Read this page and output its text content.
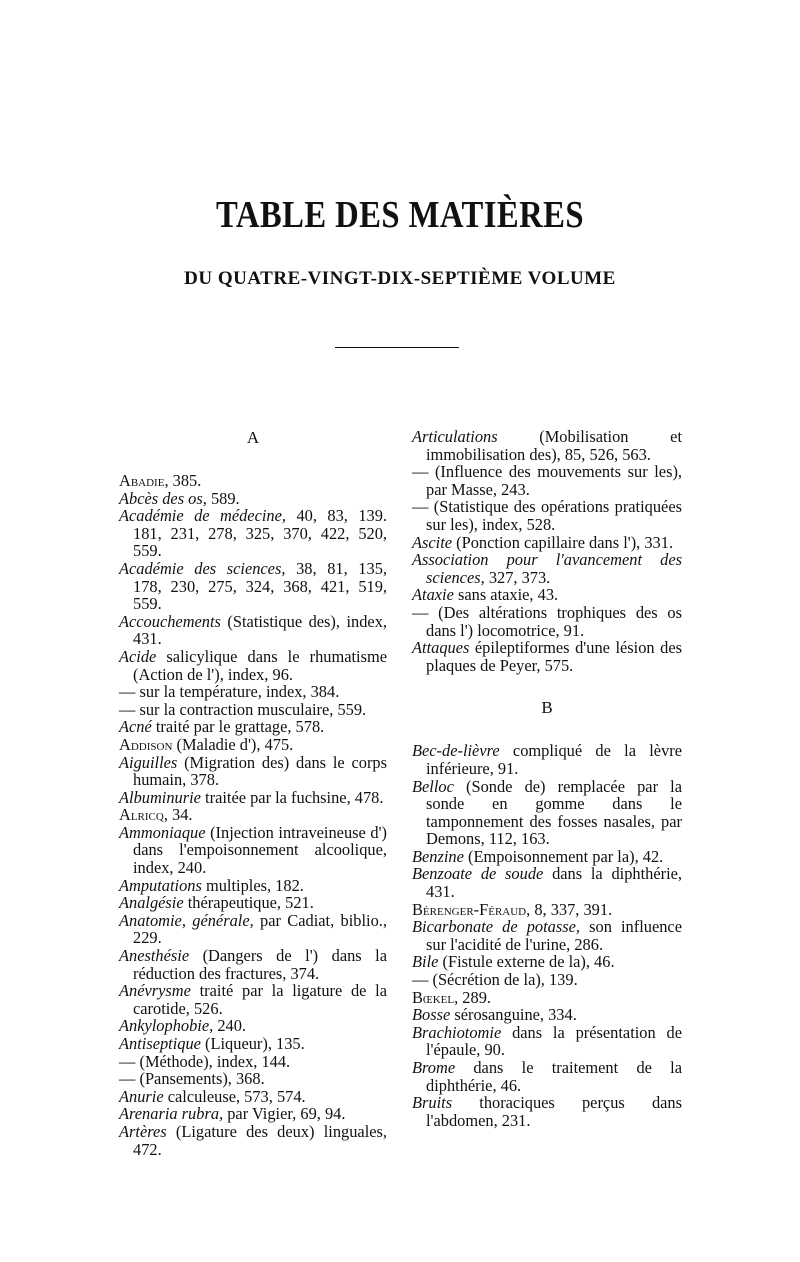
TABLE DES MATIÈRES
DU QUATRE-VINGT-DIX-SEPTIÈME VOLUME
A

Abadie, 385.

Abcès des os, 589.

Académie de médecine, 40, 83, 139. 181, 231, 278, 325, 370, 422, 520, 559.

Académie des sciences, 38, 81, 135, 178, 230, 275, 324, 368, 421, 519, 559.

Accouchements (Statistique des), index, 431.

Acide salicylique dans le rhumatisme (Action de l'), index, 96.

— sur la température, index, 384.

— sur la contraction musculaire, 559.

Acné traité par le grattage, 578.

Addison (Maladie d'), 475.

Aiguilles (Migration des) dans le corps humain, 378.

Albuminurie traitée par la fuchsine, 478.

Alricq, 34.

Ammoniaque (Injection intraveineuse d') dans l'empoisonnement alcoolique, index, 240.

Amputations multiples, 182.

Analgésie thérapeutique, 521.

Anatomie, générale, par Cadiat, biblio., 229.

Anesthésie (Dangers de l') dans la réduction des fractures, 374.

Anévrysme traité par la ligature de la carotide, 526.

Ankylophobie, 240.

Antiseptique (Liqueur), 135.

— (Méthode), index, 144.

— (Pansements), 368.

Anurie calculeuse, 573, 574.

Arenaria rubra, par Vigier, 69, 94.

Artères (Ligature des deux) linguales, 472.

Articulations (Mobilisation et immobilisation des), 85, 526, 563.

— (Influence des mouvements sur les), par Masse, 243.

— (Statistique des opérations pratiquées sur les), index, 528.

Ascite (Ponction capillaire dans l'), 331.

Association pour l'avancement des sciences, 327, 373.

Ataxie sans ataxie, 43.

— (Des altérations trophiques des os dans l') locomotrice, 91.

Attaques épileptiformes d'une lésion des plaques de Peyer, 575.

B

Bec-de-lièvre compliqué de la lèvre inférieure, 91.

Belloc (Sonde de) remplacée par la sonde en gomme dans le tamponnement des fosses nasales, par Demons, 112, 163.

Benzine (Empoisonnement par la), 42.

Benzoate de soude dans la diphthérie, 431.

Bérenger-Féraud, 8, 337, 391.

Bicarbonate de potasse, son influence sur l'acidité de l'urine, 286.

Bile (Fistule externe de la), 46.

— (Sécrétion de la), 139.

Bœkel, 289.

Bosse sérosanguine, 334.

Brachiotomie dans la présentation de l'épaule, 90.

Brome dans le traitement de la diphthérie, 46.

Bruits thoraciques perçus dans l'abdomen, 231.
